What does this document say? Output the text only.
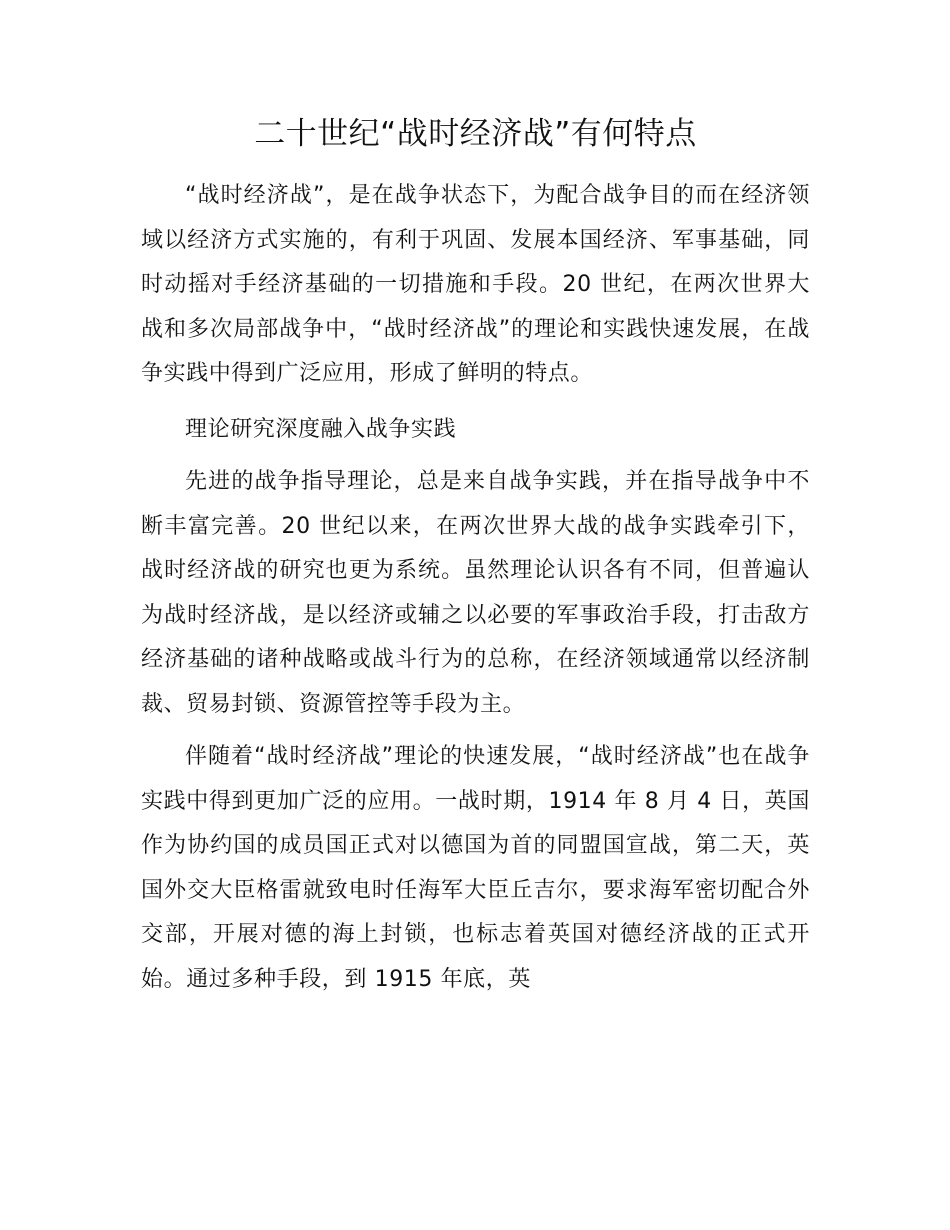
二十世纪“战时经济战”有何特点

“战时经济战”，是在战争状态下，为配合战争目的而在经济领域以经济方式实施的，有利于巩固、发展本国经济、军事基础，同时动摇对手经济基础的一切措施和手段。20 世纪，在两次世界大战和多次局部战争中，“战时经济战”的理论和实践快速发展，在战争实践中得到广泛应用，形成了鲜明的特点。

理论研究深度融入战争实践

先进的战争指导理论，总是来自战争实践，并在指导战争中不断丰富完善。20 世纪以来，在两次世界大战的战争实践牵引下，战时经济战的研究也更为系统。虽然理论认识各有不同，但普遍认为战时经济战，是以经济或辅之以必要的军事政治手段，打击敌方经济基础的诸种战略或战斗行为的总称，在经济领域通常以经济制裁、贸易封锁、资源管控等手段为主。

伴随着“战时经济战”理论的快速发展，“战时经济战”也在战争实践中得到更加广泛的应用。一战时期，1914 年 8 月 4 日，英国作为协约国的成员国正式对以德国为首的同盟国宣战，第二天，英国外交大臣格雷就致电时任海军大臣丘吉尔，要求海军密切配合外交部，开展对德的海上封锁，也标志着英国对德经济战的正式开始。通过多种手段，到 1915 年底，英
